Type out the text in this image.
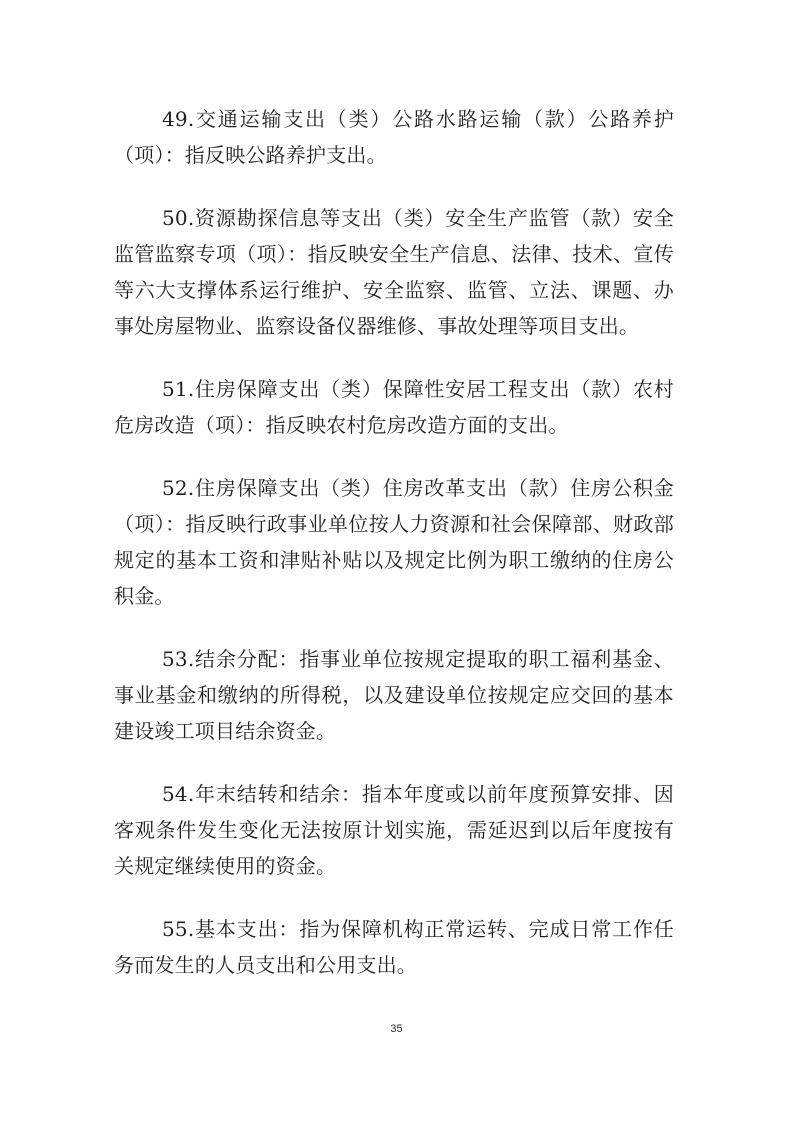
49.交通运输支出（类）公路水路运输（款）公路养护（项）：指反映公路养护支出。

50.资源勘探信息等支出（类）安全生产监管（款）安全监管监察专项（项）：指反映安全生产信息、法律、技术、宣传等六大支撑体系运行维护、安全监察、监管、立法、课题、办事处房屋物业、监察设备仪器维修、事故处理等项目支出。

51.住房保障支出（类）保障性安居工程支出（款）农村危房改造（项）：指反映农村危房改造方面的支出。

52.住房保障支出（类）住房改革支出（款）住房公积金（项）：指反映行政事业单位按人力资源和社会保障部、财政部规定的基本工资和津贴补贴以及规定比例为职工缴纳的住房公积金。

53.结余分配：指事业单位按规定提取的职工福利基金、事业基金和缴纳的所得税，以及建设单位按规定应交回的基本建设竣工项目结余资金。

54.年末结转和结余：指本年度或以前年度预算安排、因客观条件发生变化无法按原计划实施，需延迟到以后年度按有关规定继续使用的资金。

55.基本支出：指为保障机构正常运转、完成日常工作任务而发生的人员支出和公用支出。

35
